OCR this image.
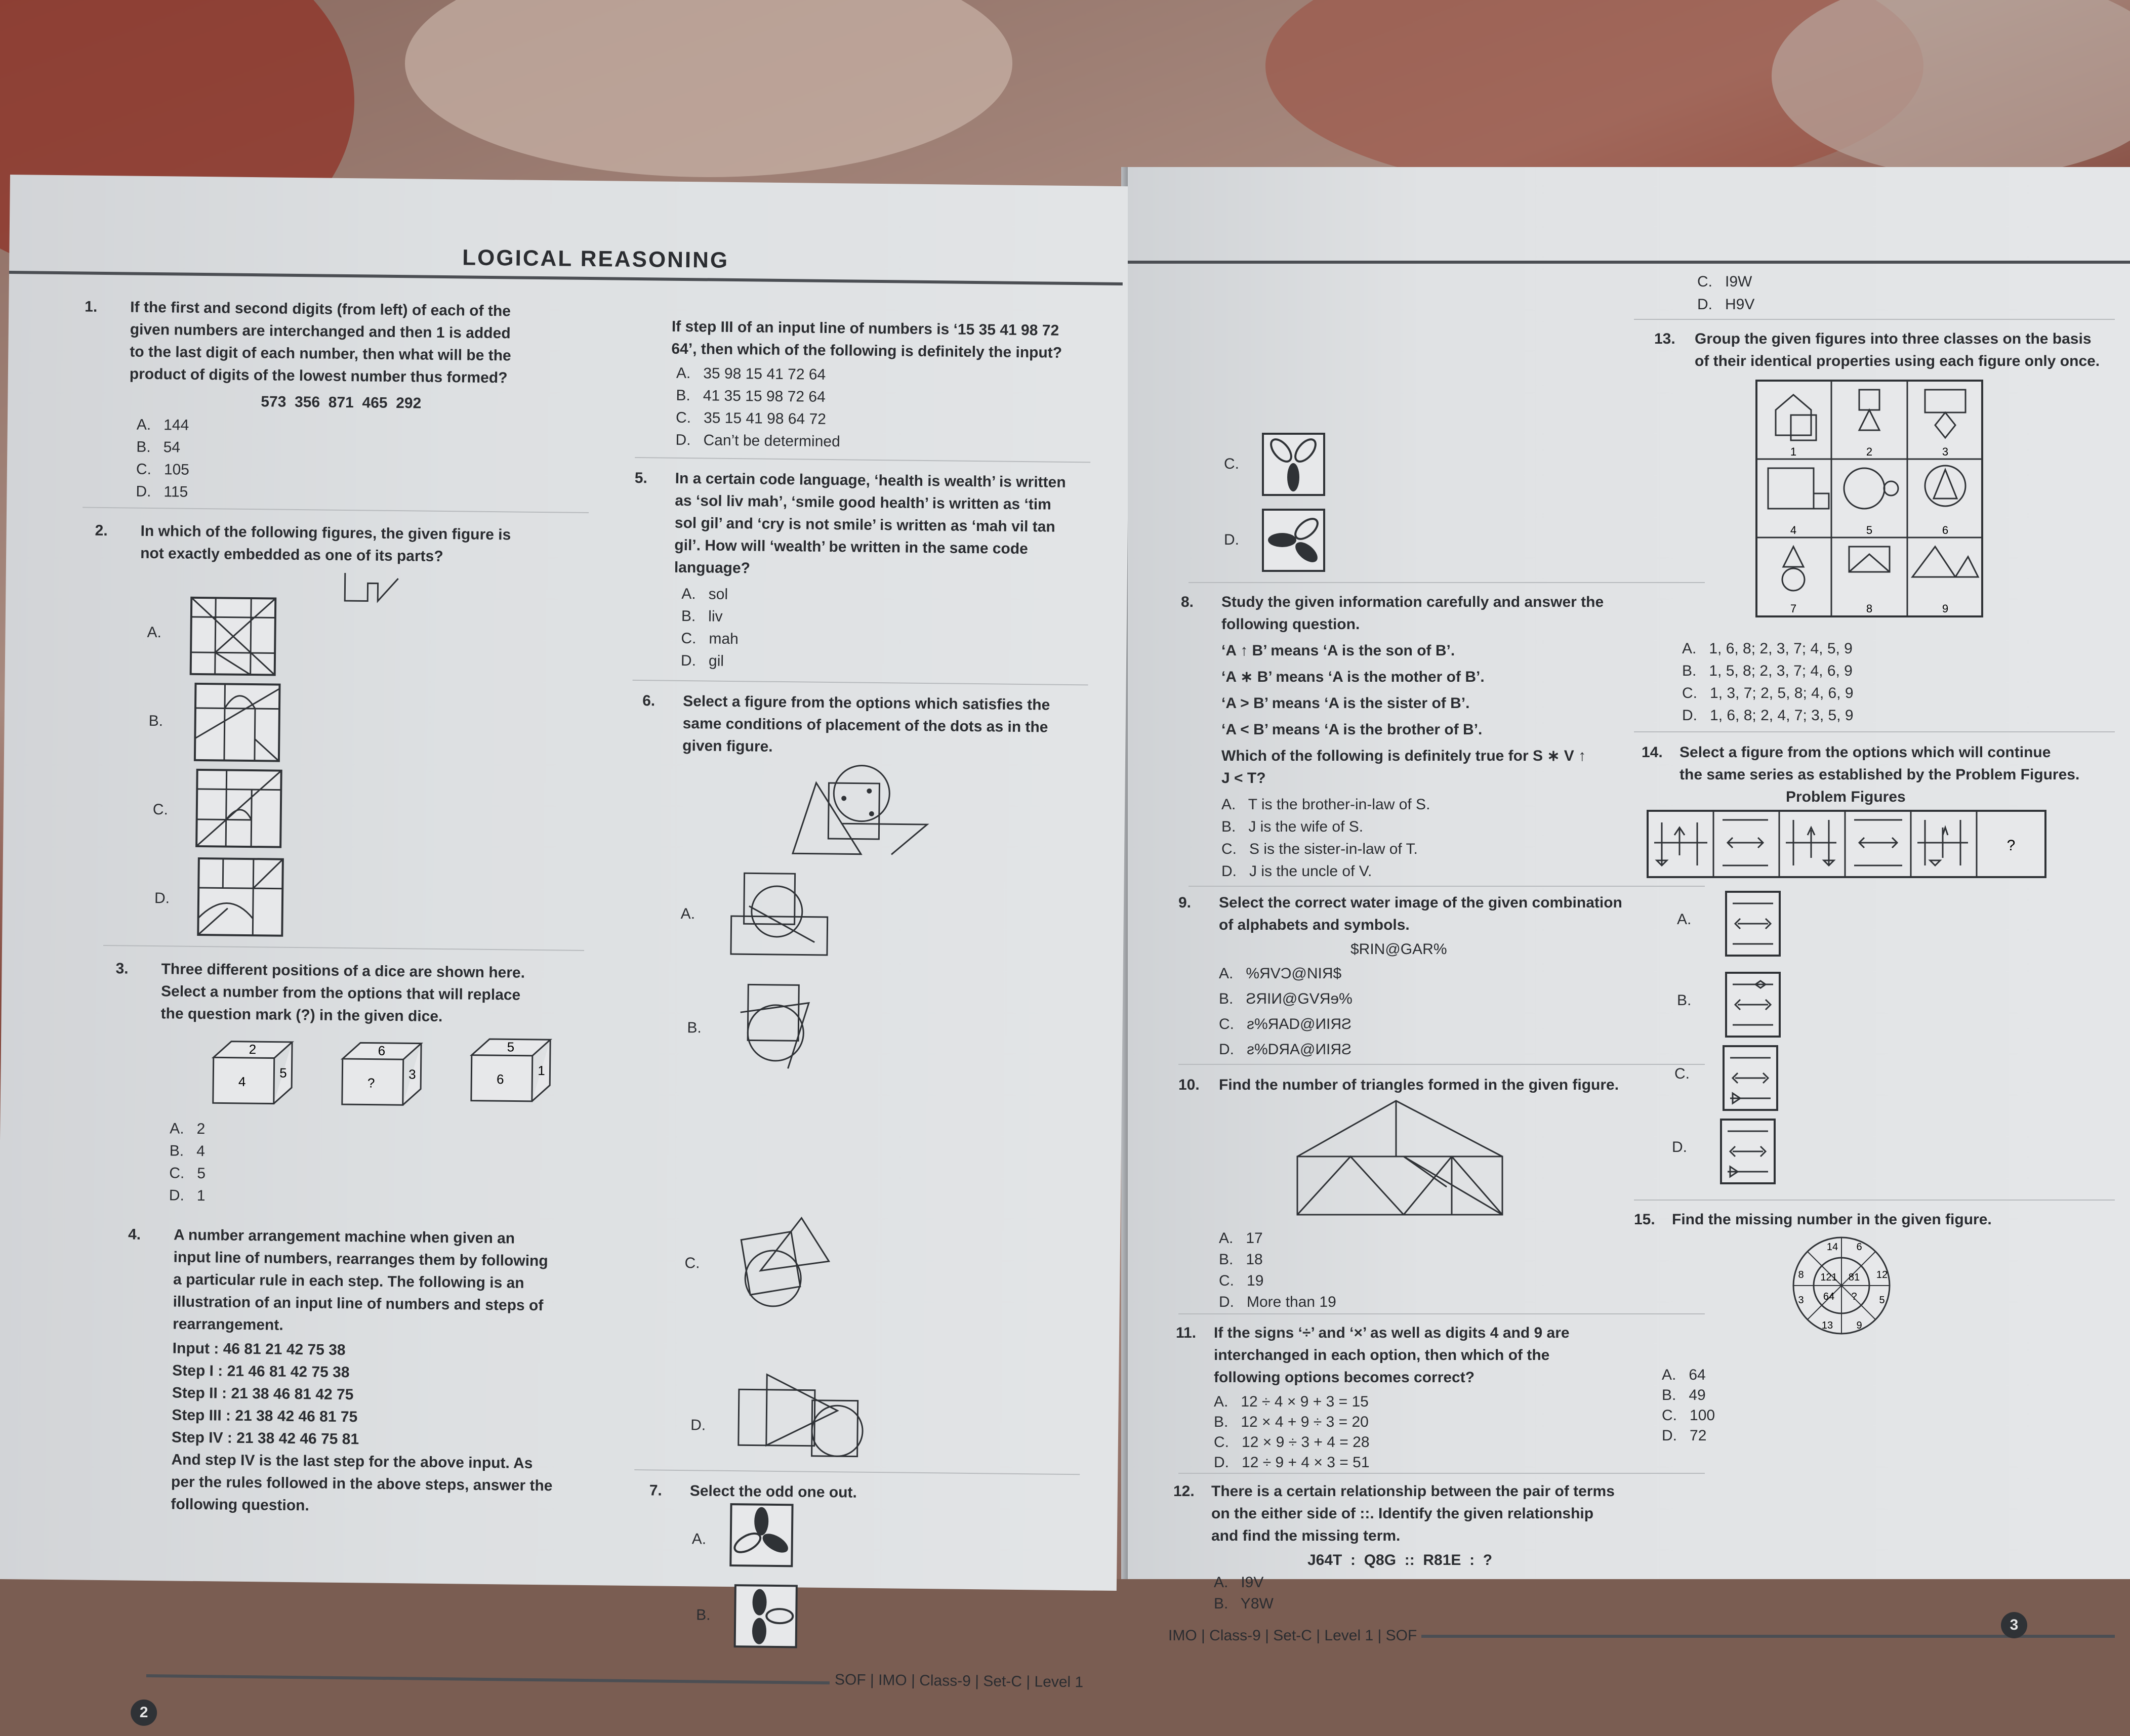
LOGICAL REASONING
1. If the first and second digits (from left) of each of the
given numbers are interchanged and then 1 is added
to the last digit of each number, then what will be the
product of digits of the lowest number thus formed?
573  356  871  465  292
A.   144
B.   54
C.   105
D.   115
2. In which of the following figures, the given figure is
not exactly embedded as one of its parts?
A.
B.
C.
D.
3. Three different positions of a dice are shown here.
Select a number from the options that will replace
the question mark (?) in the given dice.
2
4
5
6
?
3
5
6
1
A.   2
B.   4
C.   5
D.   1
4. A number arrangement machine when given an
input line of numbers, rearranges them by following
a particular rule in each step. The following is an
illustration of an input line of numbers and steps of
rearrangement.
Input : 46 81 21 42 75 38
Step I : 21 46 81 42 75 38
Step II : 21 38 46 81 42 75
Step III : 21 38 42 46 81 75
Step IV : 21 38 42 46 75 81
And step IV is the last step for the above input. As
per the rules followed in the above steps, answer the
following question.
If step III of an input line of numbers is ‘15 35 41 98 72
64’, then which of the following is definitely the input?
A.   35 98 15 41 72 64
B.   41 35 15 98 72 64
C.   35 15 41 98 64 72
D.   Can’t be determined
5. In a certain code language, ‘health is wealth’ is written
as ‘sol liv mah’, ‘smile good health’ is written as ‘tim
sol gil’ and ‘cry is not smile’ is written as ‘mah vil tan
gil’. How will ‘wealth’ be written in the same code
language?
A.   sol
B.   liv
C.   mah
D.   gil
6. Select a figure from the options which satisfies the
same conditions of placement of the dots as in the
given figure.
A.
B.
C.
D.
7. Select the odd one out.
A.
B.
SOF | IMO | Class-9 | Set-C | Level 1
2
C.
D.
8. Study the given information carefully and answer the
following question.
‘A ↑ B’ means ‘A is the son of B’.
‘A ∗ B’ means ‘A is the mother of B’.
‘A > B’ means ‘A is the sister of B’.
‘A < B’ means ‘A is the brother of B’.
Which of the following is definitely true for S ∗ V ↑
J < T?
A.   T is the brother-in-law of S.
B.   J is the wife of S.
C.   S is the sister-in-law of T.
D.   J is the uncle of V.
9. Select the correct water image of the given combination
of alphabets and symbols.
$RIN@GAR%
A.   %ЯVƆ@NIЯ$
B.   ƧЯIИ@GVЯɘ%
C.   ƨ%ЯAD@ИIЯƧ
D.   ƨ%DЯA@ИIЯƧ
10. Find the number of triangles formed in the given figure.
A.   17
B.   18
C.   19
D.   More than 19
11. If the signs ‘÷’ and ‘×’ as well as digits 4 and 9 are
interchanged in each option, then which of the
following options becomes correct?
A.   12 ÷ 4 × 9 + 3 = 15
B.   12 × 4 + 9 ÷ 3 = 20
C.   12 × 9 ÷ 3 + 4 = 28
D.   12 ÷ 9 + 4 × 3 = 51
12. There is a certain relationship between the pair of terms
on the either side of ::. Identify the given relationship
and find the missing term.
J64T  :  Q8G  ::  R81E  :  ?
A.   I9V
B.   Y8W
C.   I9W
D.   H9V
IMO | Class-9 | Set-C | Level 1 | SOF
3
13. Group the given figures into three classes on the basis
of their identical properties using each figure only once.
1	2	3
4	5	6
7	8	9
A.   1, 6, 8; 2, 3, 7; 4, 5, 9
B.   1, 5, 8; 2, 3, 7; 4, 6, 9
C.   1, 3, 7; 2, 5, 8; 4, 6, 9
D.   1, 6, 8; 2, 4, 7; 3, 5, 9
14. Select a figure from the options which will continue
the same series as established by the Problem Figures.
Problem Figures
?
A.
B.
C.
D.
15. Find the missing number in the given figure.
14 6
12
5
9
13
3
8 121 81
?
64
A.   64
B.   49
C.   100
D.   72
